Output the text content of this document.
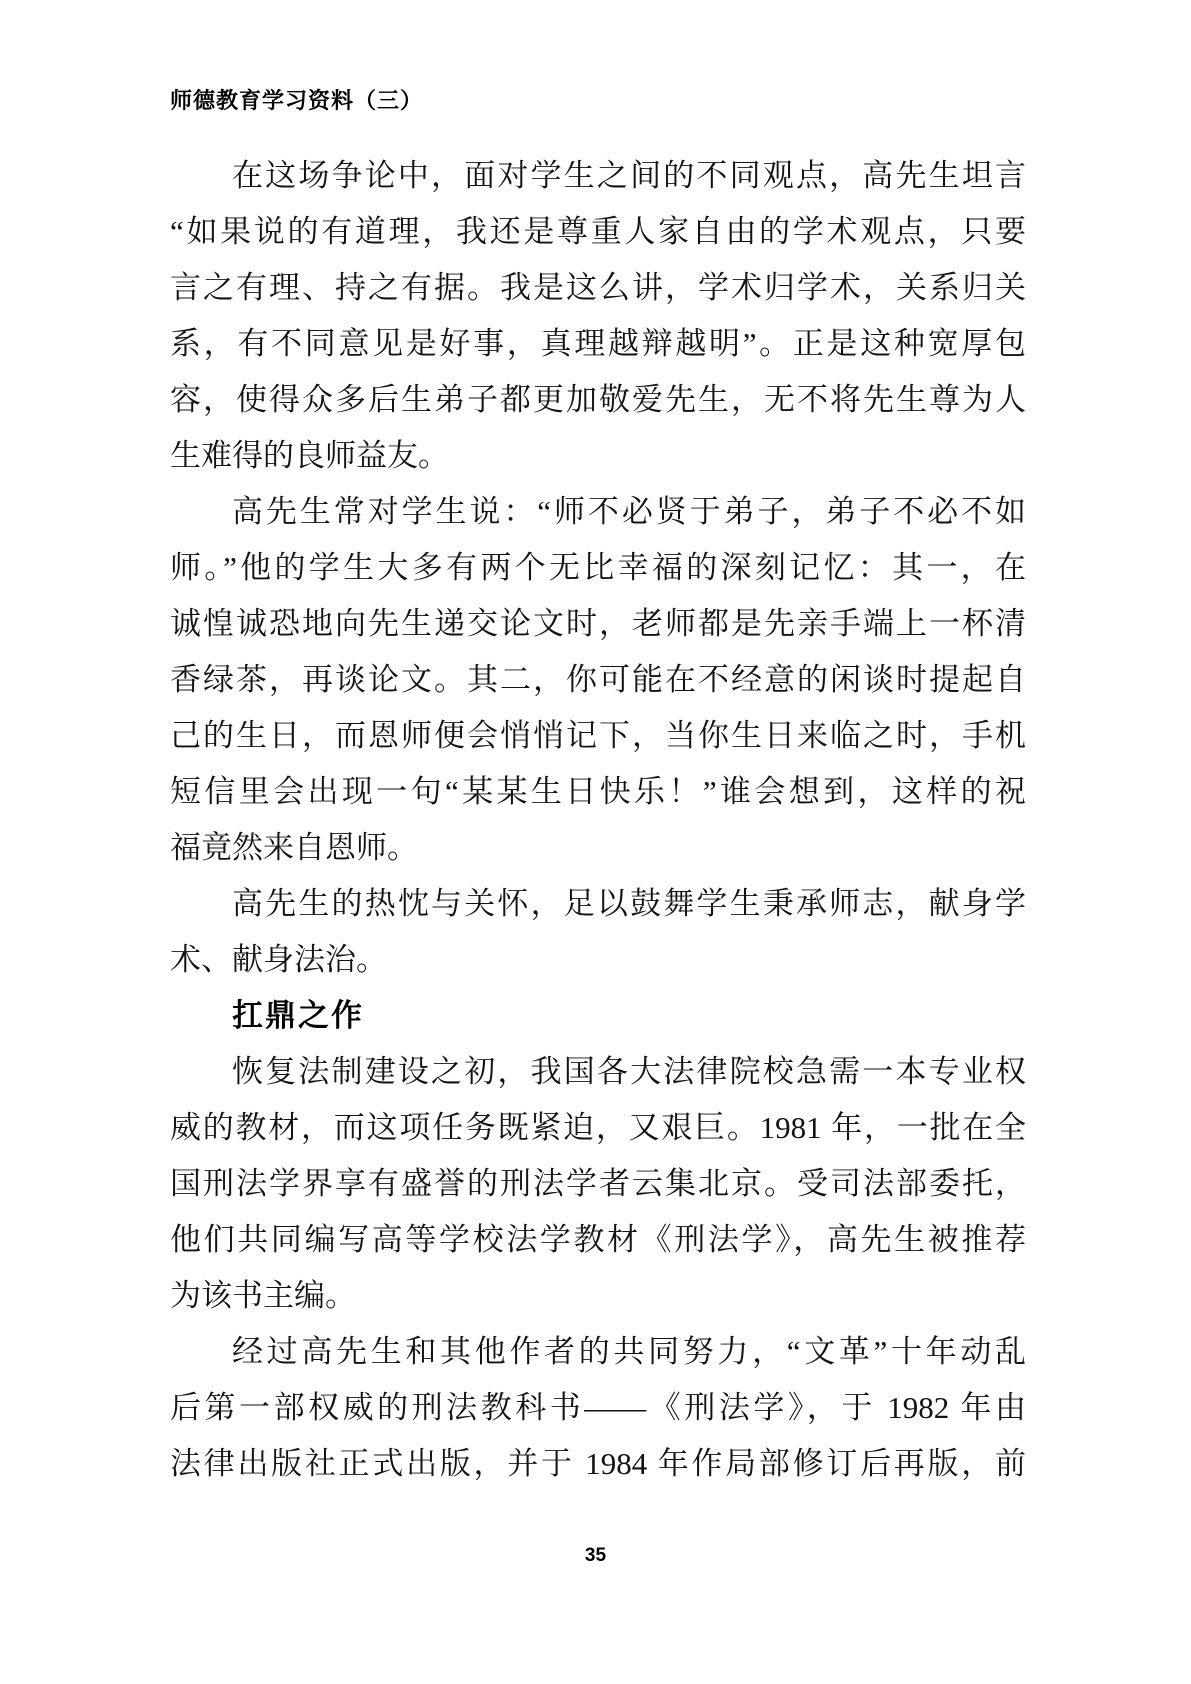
师德教育学习资料（三）
在这场争论中，面对学生之间的不同观点，高先生坦言
“如果说的有道理，我还是尊重人家自由的学术观点，只要
言之有理、持之有据。我是这么讲，学术归学术，关系归关
系，有不同意见是好事，真理越辩越明”。正是这种宽厚包
容，使得众多后生弟子都更加敬爱先生，无不将先生尊为人
生难得的良师益友。
高先生常对学生说：“师不必贤于弟子，弟子不必不如
师。”他的学生大多有两个无比幸福的深刻记忆：其一，在
诚惶诚恐地向先生递交论文时，老师都是先亲手端上一杯清
香绿茶，再谈论文。其二，你可能在不经意的闲谈时提起自
己的生日，而恩师便会悄悄记下，当你生日来临之时，手机
短信里会出现一句“某某生日快乐！”谁会想到，这样的祝
福竟然来自恩师。
高先生的热忱与关怀，足以鼓舞学生秉承师志，献身学
术、献身法治。
扛鼎之作
恢复法制建设之初，我国各大法律院校急需一本专业权
威的教材，而这项任务既紧迫，又艰巨。1981 年，一批在全
国刑法学界享有盛誉的刑法学者云集北京。受司法部委托，
他们共同编写高等学校法学教材《刑法学》，高先生被推荐
为该书主编。
经过高先生和其他作者的共同努力，“文革”十年动乱
后第一部权威的刑法教科书——《刑法学》，于 1982 年由
法律出版社正式出版，并于 1984 年作局部修订后再版，前
35
